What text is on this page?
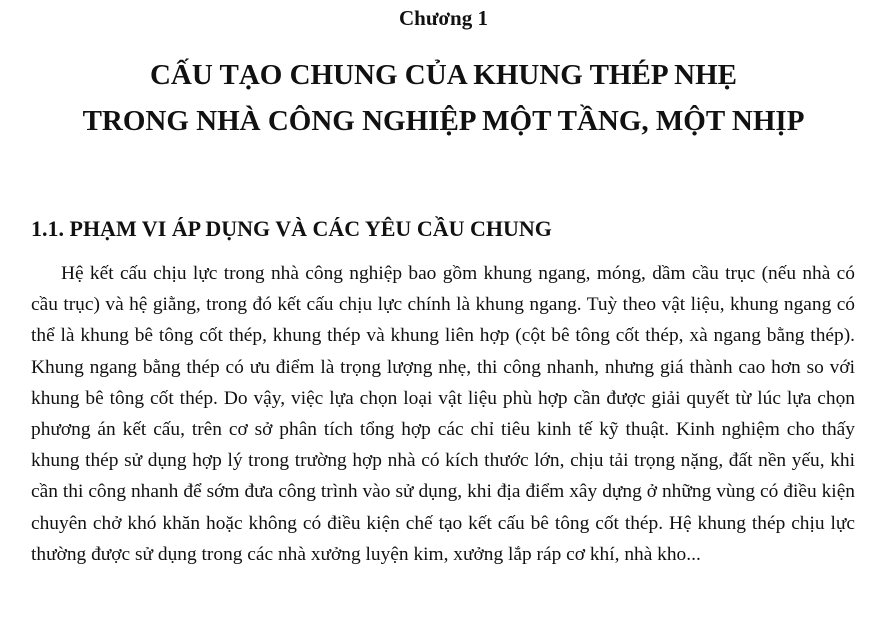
Chương 1
CẤU TẠO CHUNG CỦA KHUNG THÉP NHẸ
TRONG NHÀ CÔNG NGHIỆP MỘT TẦNG, MỘT NHỊP
1.1. PHẠM VI ÁP DỤNG VÀ CÁC YÊU CẦU CHUNG

Hệ kết cấu chịu lực trong nhà công nghiệp bao gồm khung ngang, móng, dầm cầu trục (nếu nhà có cầu trục) và hệ giằng, trong đó kết cấu chịu lực chính là khung ngang. Tuỳ theo vật liệu, khung ngang có thể là khung bê tông cốt thép, khung thép và khung liên hợp (cột bê tông cốt thép, xà ngang bằng thép). Khung ngang bằng thép có ưu điểm là trọng lượng nhẹ, thi công nhanh, nhưng giá thành cao hơn so với khung bê tông cốt thép. Do vậy, việc lựa chọn loại vật liệu phù hợp cần được giải quyết từ lúc lựa chọn phương án kết cấu, trên cơ sở phân tích tổng hợp các chỉ tiêu kinh tế kỹ thuật. Kinh nghiệm cho thấy khung thép sử dụng hợp lý trong trường hợp nhà có kích thước lớn, chịu tải trọng nặng, đất nền yếu, khi cần thi công nhanh để sớm đưa công trình vào sử dụng, khi địa điểm xây dựng ở những vùng có điều kiện chuyên chở khó khăn hoặc không có điều kiện chế tạo kết cấu bê tông cốt thép. Hệ khung thép chịu lực thường được sử dụng trong các nhà xưởng luyện kim, xưởng lắp ráp cơ khí, nhà kho...
